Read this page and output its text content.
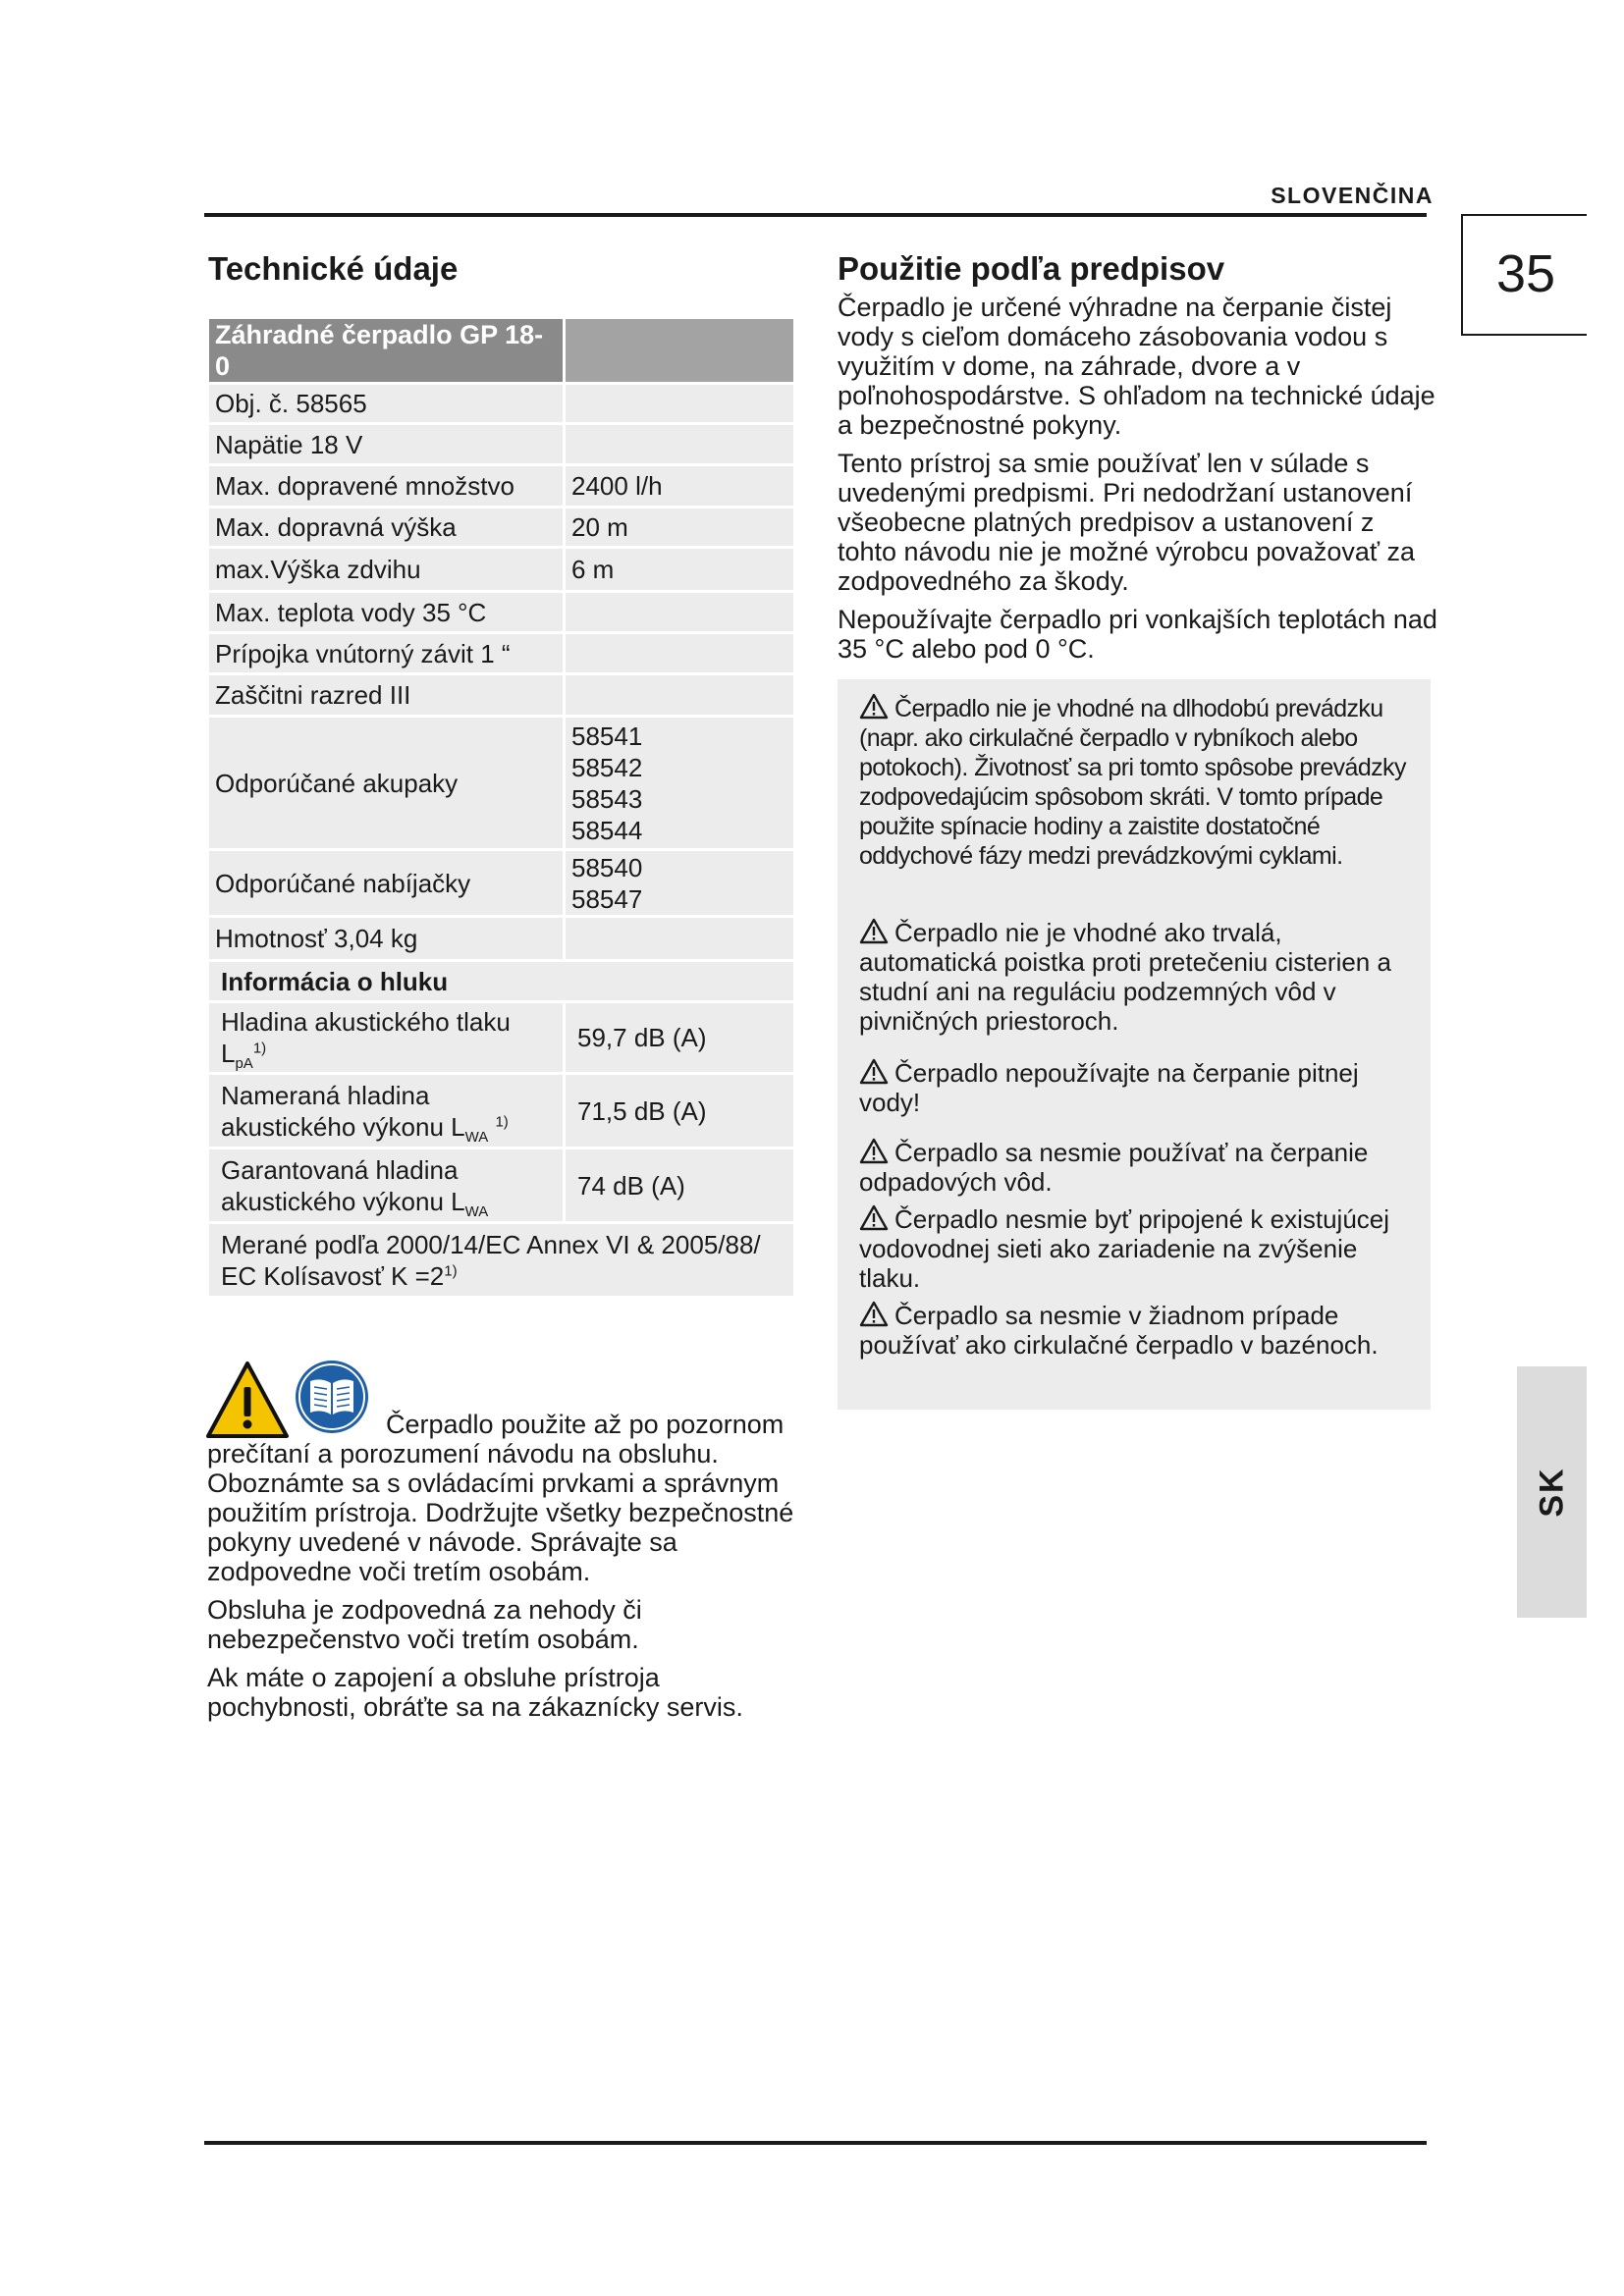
SLOVENČINA
35
SK
Technické údaje
Záhradné čerpadlo GP 18-0	
Obj. č. 58565	
Napätie 18 V	
Max. dopravené množstvo	2400 l/h
Max. dopravná výška	20 m
max.Výška zdvihu	6 m
Max. teplota vody 35 °C	
Prípojka vnútorný závit 1 “	
Zaščitni razred III	
Odporúčané akupaky	58541
58542
58543
58544

Odporúčané nabíjačky	58540
58547

Hmotnosť 3,04 kg	
Informácia o hluku	
Hladina akustického tlaku $L_{pA}^{1)}$	59,7 dB (A)

Nameraná hladina
akustického výkonu $L_{WA}$ $^{1)}$	71,5 dB (A)

Garantovaná hladina
akustického výkonu $L_{WA}$	74 dB (A)

Merané podľa 2000/14/EC Annex VI & 2005/88/
EC Kolísavosť $K =2^{1)}$
Použitie podľa predpisov

Čerpadlo je určené výhradne na čerpanie čistej vody s cieľom domáceho zásobovania vodou s využitím v dome, na záhrade, dvore a v poľnohospodárstve. S ohľadom na technické údaje a bezpečnostné pokyny.

Tento prístroj sa smie používať len v súlade s uvedenými predpismi. Pri nedodržaní ustanovení všeobecne platných predpisov a ustanovení z tohto návodu nie je možné výrobcu považovať za zodpovedného za škody.

Nepoužívajte čerpadlo pri vonkajších teplotách nad 35 °C alebo pod 0 °C.

Čerpadlo nie je vhodné na dlhodobú prevádzku (napr. ako cirkulačné čerpadlo v rybníkoch alebo potokoch). Životnosť sa pri tomto spôsobe prevádzky zodpovedajúcim spôsobom skráti. V tomto prípade použite spínacie hodiny a zaistite dostatočné oddychové fázy medzi prevádzkovými cyklami.
Čerpadlo nie je vhodné ako trvalá, automatická poistka proti pretečeniu cisterien a studní ani na reguláciu podzemných vôd v pivničných priestoroch.
Čerpadlo nepoužívajte na čerpanie pitnej vody!
Čerpadlo sa nesmie používať na čerpanie odpadových vôd.
Čerpadlo nesmie byť pripojené k existujúcej vodovodnej sieti ako zariadenie na zvýšenie tlaku.
Čerpadlo sa nesmie v žiadnom prípade používať ako cirkulačné čerpadlo v bazénoch.

Čerpadlo použite až po pozornom prečítaní a porozumení návodu na obsluhu. Oboznámte sa s ovládacími prvkami a správnym použitím prístroja. Dodržujte všetky bezpečnostné pokyny uvedené v návode. Správajte sa zodpovedne voči tretím osobám.

Obsluha je zodpovedná za nehody či nebezpečenstvo voči tretím osobám.

Ak máte o zapojení a obsluhe prístroja pochybnosti, obráťte sa na zákaznícky servis.
